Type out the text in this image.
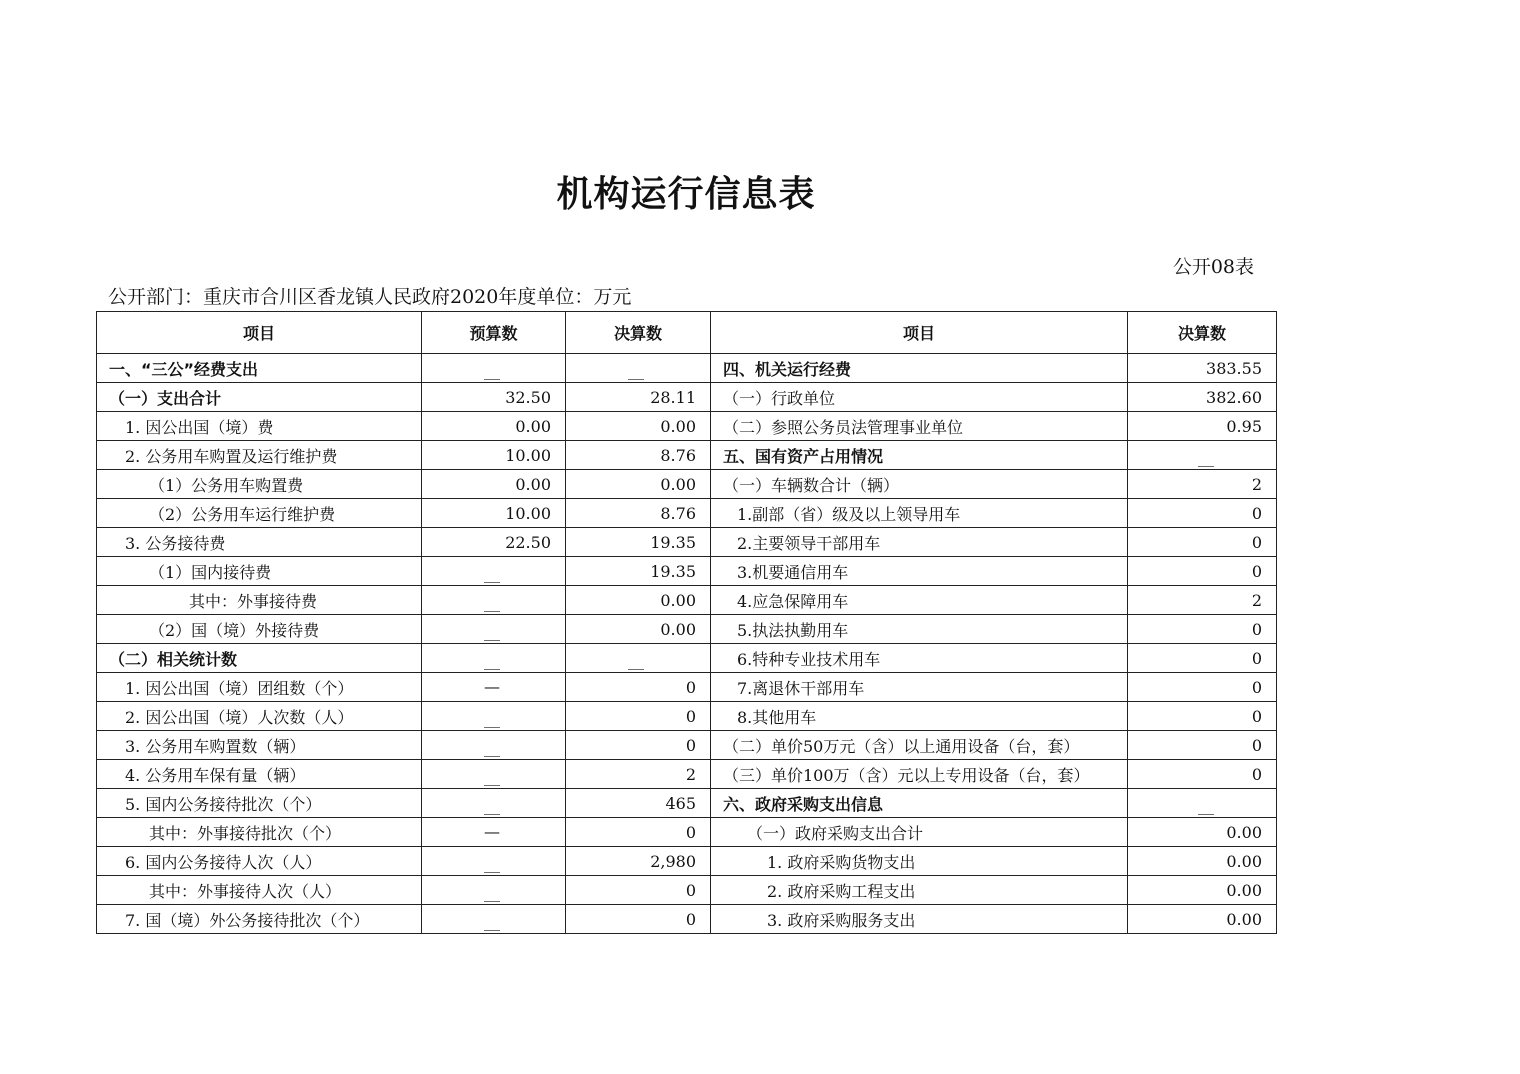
机构运行信息表
公开08表
公开部门：重庆市合川区香龙镇人民政府2020年度单位：万元
项目	预算数	决算数	项目	决算数
一、“三公”经费支出	__	__	四、机关运行经费	383.55
（一）支出合计	32.50	28.11	（一）行政单位	382.60
1. 因公出国（境）费	0.00	0.00	（二）参照公务员法管理事业单位	0.95
2. 公务用车购置及运行维护费	10.00	8.76	五、国有资产占用情况	__
（1）公务用车购置费	0.00	0.00	（一）车辆数合计（辆）	2
（2）公务用车运行维护费	10.00	8.76	1.副部（省）级及以上领导用车	0
3. 公务接待费	22.50	19.35	2.主要领导干部用车	0
（1）国内接待费	__	19.35	3.机要通信用车	0
其中：外事接待费	__	0.00	4.应急保障用车	2
（2）国（境）外接待费	__	0.00	5.执法执勤用车	0
（二）相关统计数	__	__	6.特种专业技术用车	0
1. 因公出国（境）团组数（个）	—	0	7.离退休干部用车	0
2. 因公出国（境）人次数（人）	__	0	8.其他用车	0
3. 公务用车购置数（辆）	__	0	（二）单价50万元（含）以上通用设备（台，套）	0
4. 公务用车保有量（辆）	__	2	（三）单价100万（含）元以上专用设备（台，套）	0
5. 国内公务接待批次（个）	__	465	六、政府采购支出信息	__
其中：外事接待批次（个）	—	0	（一）政府采购支出合计	0.00
6. 国内公务接待人次（人）	__	2,980	1. 政府采购货物支出	0.00
其中：外事接待人次（人）	__	0	2. 政府采购工程支出	0.00
7. 国（境）外公务接待批次（个）	__	0	3. 政府采购服务支出	0.00
